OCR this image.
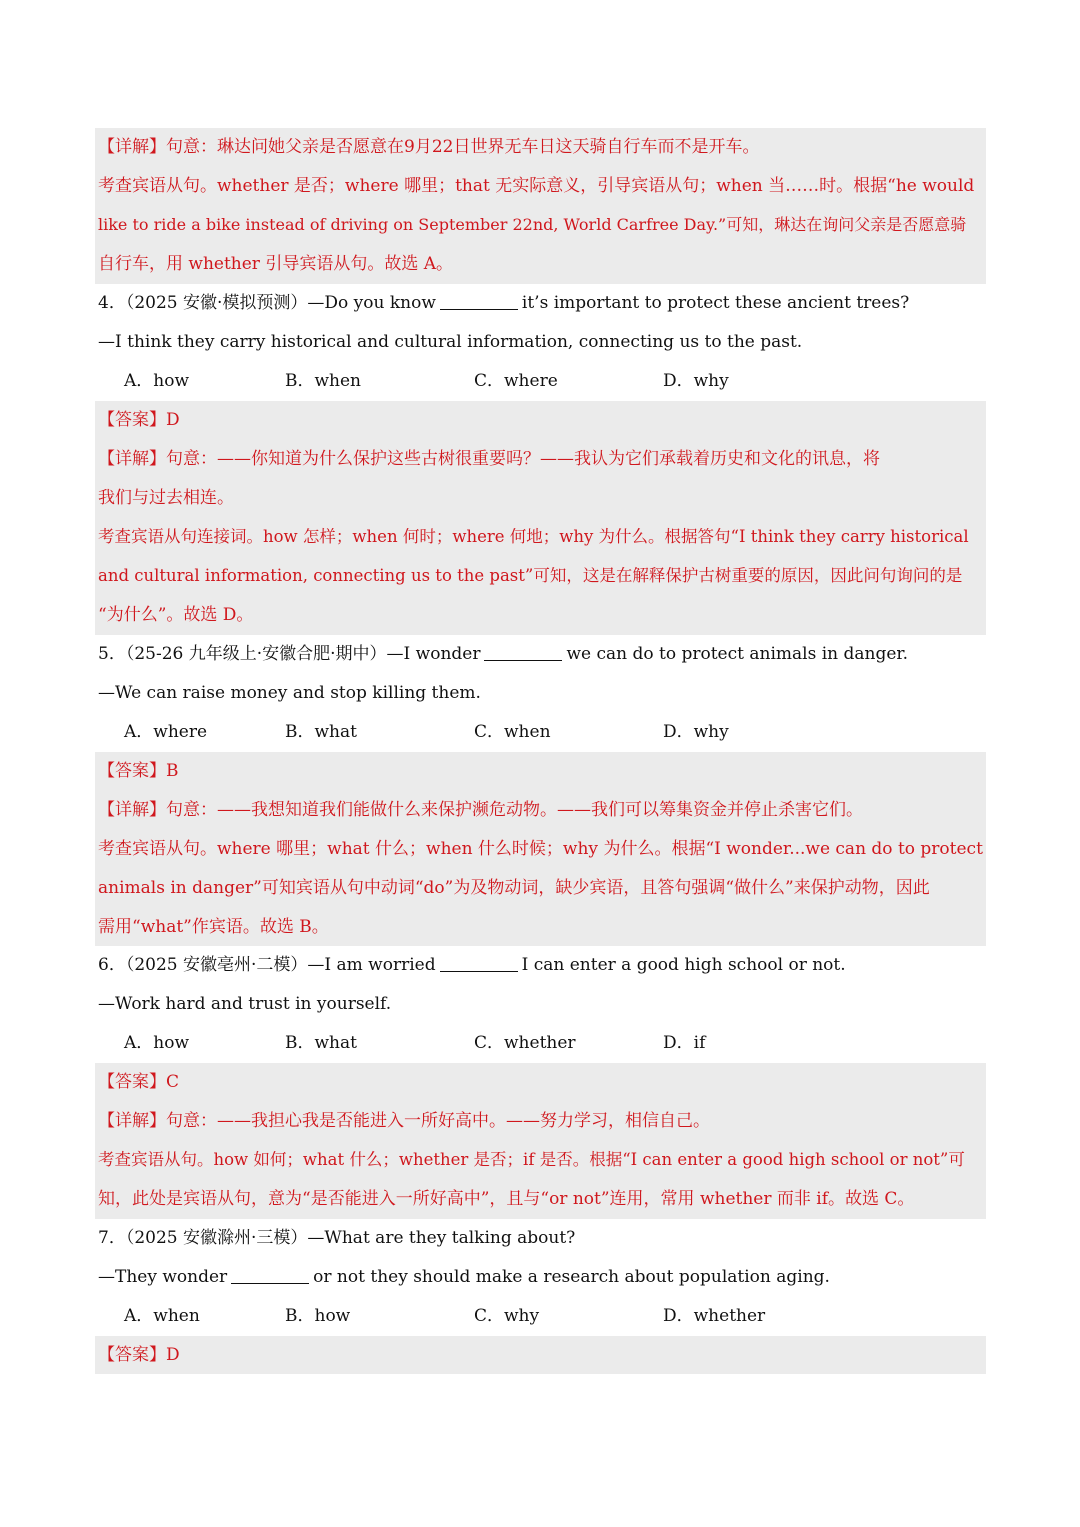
【详解】句意：琳达问她父亲是否愿意在9月22日世界无车日这天骑自行车而不是开车。
考查宾语从句。whether 是否；where 哪里；that 无实际意义，引导宾语从句；when 当……时。根据“he would
like to ride a bike instead of driving on September 22nd, World Carfree Day.”可知，琳达在询问父亲是否愿意骑
自行车，用 whether 引导宾语从句。故选 A。
4．（2025 安徽·模拟预测）—Do you know	it’s important to protect these ancient trees?
—I think they carry historical and cultural information, connecting us to the past.
A．how	B．when	C．where	D．why
【答案】D
【详解】句意：——你知道为什么保护这些古树很重要吗？——我认为它们承载着历史和文化的讯息，将
我们与过去相连。
考查宾语从句连接词。how 怎样；when 何时；where 何地；why 为什么。根据答句“I think they carry historical
and cultural information, connecting us to the past”可知，这是在解释保护古树重要的原因，因此问句询问的是
“为什么”。故选 D。
5．（25-26 九年级上·安徽合肥·期中）—I wonder	we can do to protect animals in danger.
—We can raise money and stop killing them.
A．where	B．what	C．when	D．why
【答案】B
【详解】句意：——我想知道我们能做什么来保护濒危动物。——我们可以筹集资金并停止杀害它们。
考查宾语从句。where 哪里；what 什么；when 什么时候；why 为什么。根据“I wonder...we can do to protect
animals in danger”可知宾语从句中动词“do”为及物动词，缺少宾语，且答句强调“做什么”来保护动物，因此
需用“what”作宾语。故选 B。
6．（2025 安徽亳州·二模）—I am worried	I can enter a good high school or not.
—Work hard and trust in yourself.
A．how	B．what	C．whether	D．if
【答案】C
【详解】句意：——我担心我是否能进入一所好高中。——努力学习，相信自己。
考查宾语从句。how 如何；what 什么；whether 是否；if 是否。根据“I can enter a good high school or not”可
知，此处是宾语从句，意为“是否能进入一所好高中”，且与“or not”连用，常用 whether 而非 if。故选 C。
7．（2025 安徽滁州·三模）—What are they talking about?
—They wonder	or not they should make a research about population aging.
A．when	B．how	C．why	D．whether
【答案】D
